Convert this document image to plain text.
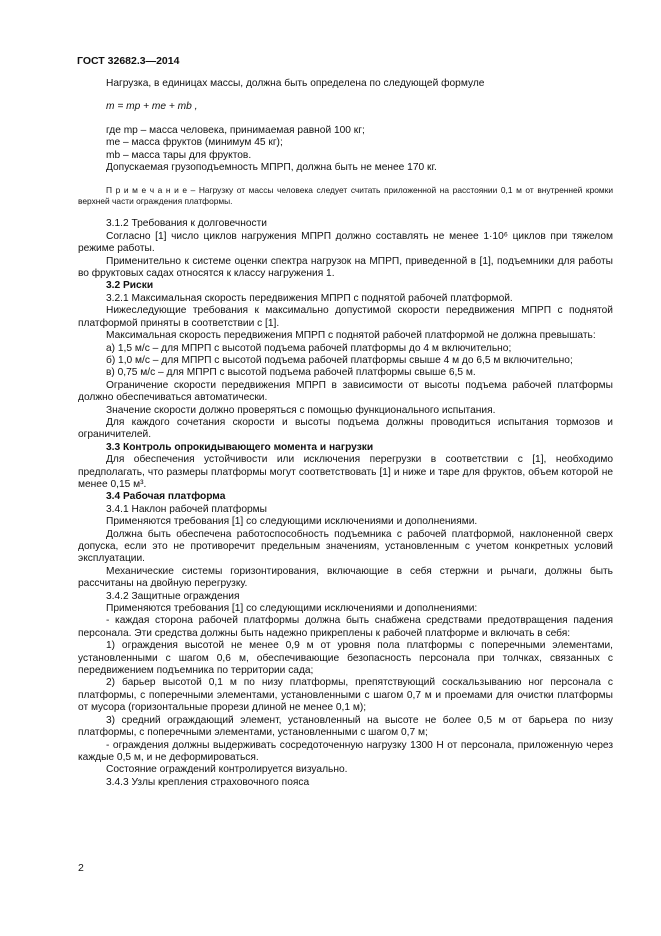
ГОСТ 32682.3—2014

Нагрузка, в единицах массы, должна быть определена по следующей формуле

m = mp + me + mb ,

где mp – масса человека, принимаемая равной 100 кг;

me – масса фруктов (минимум 45 кг);

mb – масса тары для фруктов.

Допускаемая грузоподъемность МПРП, должна быть не менее 170 кг.

П р и м е ч а н и е – Нагрузку от массы человека следует считать приложенной на расстоянии 0,1 м от внутренней кромки верхней части ограждения платформы.

3.1.2 Требования к долговечности

Согласно [1] число циклов нагружения МПРП должно составлять не менее 1·10⁶ циклов при тяжелом режиме работы.

Применительно к системе оценки спектра нагрузок на МПРП, приведенной в [1], подъемники для работы во фруктовых садах относятся к классу нагружения 1.

3.2 Риски

3.2.1 Максимальная скорость передвижения МПРП с поднятой рабочей платформой.

Нижеследующие требования к максимально допустимой скорости передвижения МПРП с поднятой платформой приняты в соответствии с [1].

Максимальная скорость передвижения МПРП с поднятой рабочей платформой не должна превышать:

а) 1,5 м/с – для МПРП с высотой подъема рабочей платформы до 4 м включительно;

б) 1,0 м/с – для МПРП с высотой подъема рабочей платформы свыше 4 м до 6,5 м включительно;

в) 0,75 м/с – для МПРП с высотой подъема рабочей платформы свыше 6,5 м.

Ограничение скорости передвижения МПРП в зависимости от высоты подъема рабочей платформы должно обеспечиваться автоматически.

Значение скорости должно проверяться с помощью функционального испытания.

Для каждого сочетания скорости и высоты подъема должны проводиться испытания тормозов и ограничителей.

3.3 Контроль опрокидывающего момента и нагрузки

Для обеспечения устойчивости или исключения перегрузки в соответствии с [1], необходимо предполагать, что размеры платформы могут соответствовать [1] и ниже и таре для фруктов, объем которой не менее 0,15 м³.

3.4 Рабочая платформа

3.4.1 Наклон рабочей платформы

Применяются требования [1] со следующими исключениями и дополнениями.

Должна быть обеспечена работоспособность подъемника с рабочей платформой, наклоненной сверх допуска, если это не противоречит предельным значениям, установленным с учетом конкретных условий эксплуатации.

Механические системы горизонтирования, включающие в себя стержни и рычаги, должны быть рассчитаны на двойную перегрузку.

3.4.2 Защитные ограждения

Применяются требования [1] со следующими исключениями и дополнениями:

- каждая сторона рабочей платформы должна быть снабжена средствами предотвращения падения персонала. Эти средства должны быть надежно прикреплены к рабочей платформе и включать в себя:

1) ограждения высотой не менее 0,9 м от уровня пола платформы с поперечными элементами, установленными с шагом 0,6 м, обеспечивающие безопасность персонала при толчках, связанных с передвижением подъемника по территории сада;

2) барьер высотой 0,1 м по низу платформы, препятствующий соскальзыванию ног персонала с платформы, с поперечными элементами, установленными с шагом 0,7 м и проемами для очистки платформы от мусора (горизонтальные прорези длиной не менее 0,1 м);

3) средний ограждающий элемент, установленный на высоте не более 0,5 м от барьера по низу платформы, с поперечными элементами, установленными с шагом 0,7 м;

- ограждения должны выдерживать сосредоточенную нагрузку 1300 Н от персонала, приложенную через каждые 0,5 м, и не деформироваться.

Состояние ограждений контролируется визуально.

3.4.3 Узлы крепления страховочного пояса

2
